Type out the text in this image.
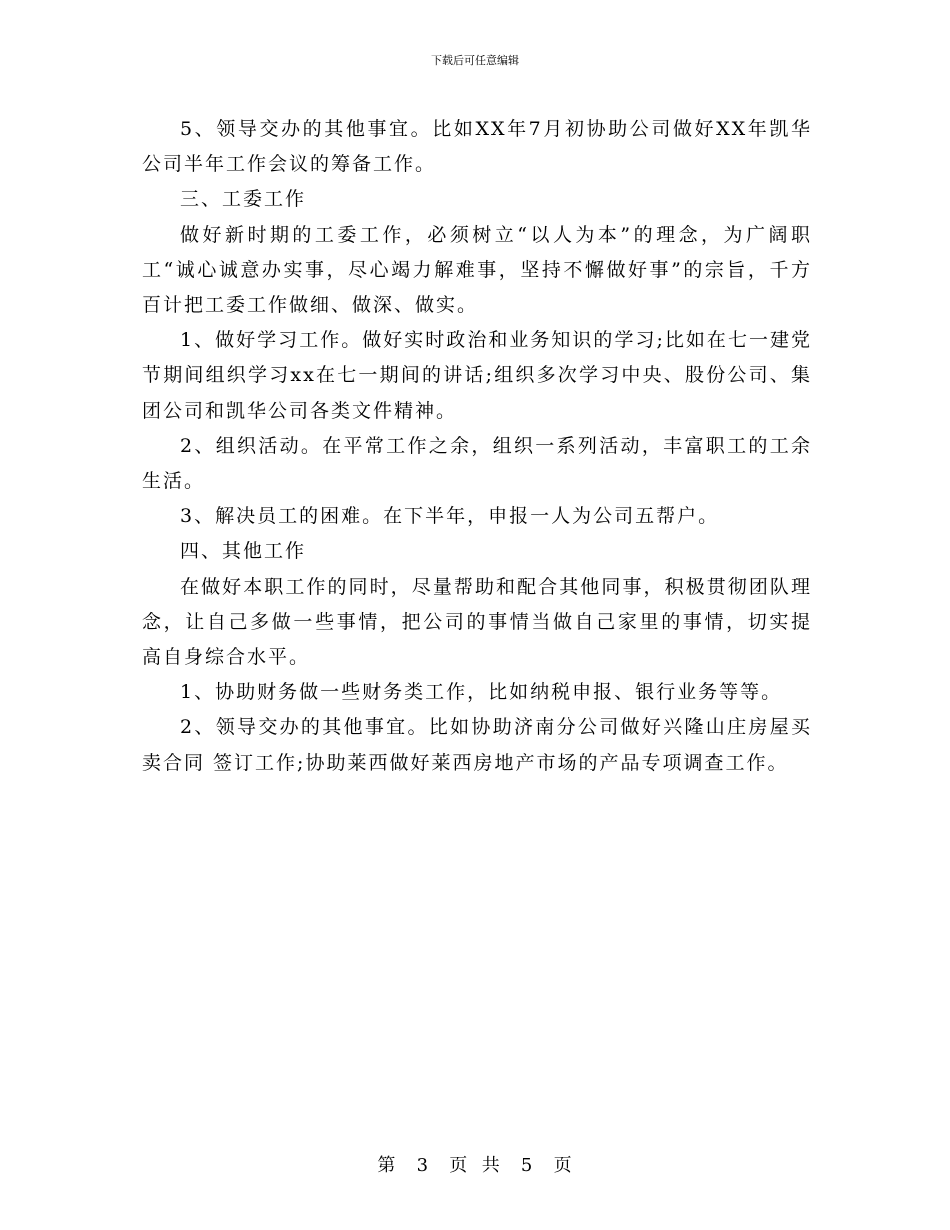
下载后可任意编辑

5、领导交办的其他事宜。比如XX年7月初协助公司做好XX年凯华公司半年工作会议的筹备工作。

三、工委工作

做好新时期的工委工作，必须树立“以人为本”的理念，为广阔职工“诚心诚意办实事，尽心竭力解难事，坚持不懈做好事”的宗旨，千方百计把工委工作做细、做深、做实。

1、做好学习工作。做好实时政治和业务知识的学习;比如在七一建党节期间组织学习xx在七一期间的讲话;组织多次学习中央、股份公司、集团公司和凯华公司各类文件精神。

2、组织活动。在平常工作之余，组织一系列活动，丰富职工的工余生活。

3、解决员工的困难。在下半年，申报一人为公司五帮户。

四、其他工作

在做好本职工作的同时，尽量帮助和配合其他同事，积极贯彻团队理念，让自己多做一些事情，把公司的事情当做自己家里的事情，切实提高自身综合水平。

1、协助财务做一些财务类工作，比如纳税申报、银行业务等等。

2、领导交办的其他事宜。比如协助济南分公司做好兴隆山庄房屋买卖合同 签订工作;协助莱西做好莱西房地产市场的产品专项调查工作。

第 3 页  共 5 页
